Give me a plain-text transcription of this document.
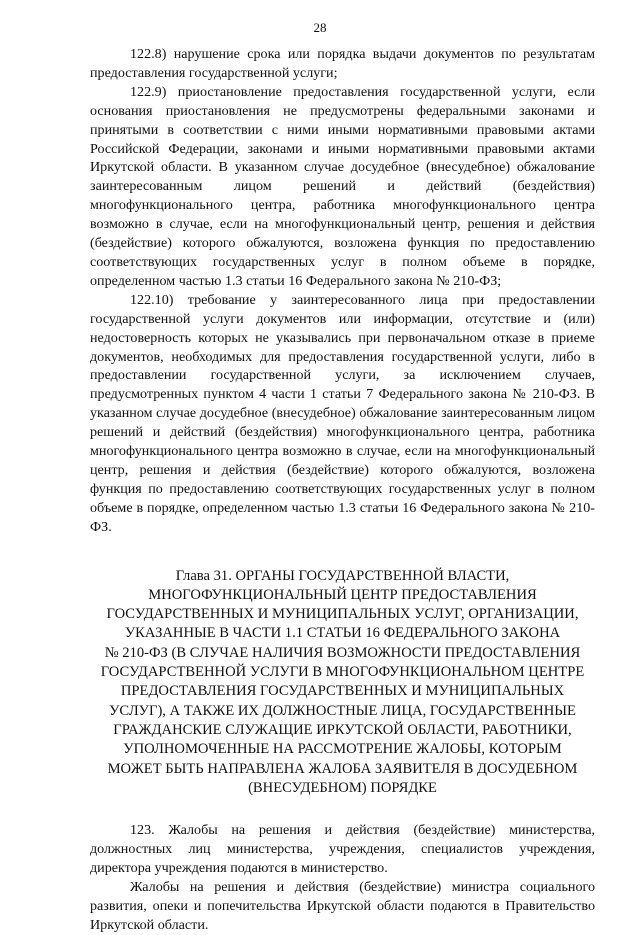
28

122.8) нарушение срока или порядка выдачи документов по результатам предоставления государственной услуги;

122.9) приостановление предоставления государственной услуги, если основания приостановления не предусмотрены федеральными законами и принятыми в соответствии с ними иными нормативными правовыми актами Российской Федерации, законами и иными нормативными правовыми актами Иркутской области. В указанном случае досудебное (внесудебное) обжалование заинтересованным лицом решений и действий (бездействия) многофункционального центра, работника многофункционального центра возможно в случае, если на многофункциональный центр, решения и действия (бездействие) которого обжалуются, возложена функция по предоставлению соответствующих государственных услуг в полном объеме в порядке, определенном частью 1.3 статьи 16 Федерального закона № 210-ФЗ;

122.10) требование у заинтересованного лица при предоставлении государственной услуги документов или информации, отсутствие и (или) недостоверность которых не указывались при первоначальном отказе в приеме документов, необходимых для предоставления государственной услуги, либо в предоставлении государственной услуги, за исключением случаев, предусмотренных пунктом 4 части 1 статьи 7 Федерального закона № 210-ФЗ. В указанном случае досудебное (внесудебное) обжалование заинтересованным лицом решений и действий (бездействия) многофункционального центра, работника многофункционального центра возможно в случае, если на многофункциональный центр, решения и действия (бездействие) которого обжалуются, возложена функция по предоставлению соответствующих государственных услуг в полном объеме в порядке, определенном частью 1.3 статьи 16 Федерального закона № 210-ФЗ.

Глава 31. ОРГАНЫ ГОСУДАРСТВЕННОЙ ВЛАСТИ,
МНОГОФУНКЦИОНАЛЬНЫЙ ЦЕНТР ПРЕДОСТАВЛЕНИЯ
ГОСУДАРСТВЕННЫХ И МУНИЦИПАЛЬНЫХ УСЛУГ, ОРГАНИЗАЦИИ,
УКАЗАННЫЕ В ЧАСТИ 1.1 СТАТЬИ 16 ФЕДЕРАЛЬНОГО ЗАКОНА
№ 210-ФЗ (В СЛУЧАЕ НАЛИЧИЯ ВОЗМОЖНОСТИ ПРЕДОСТАВЛЕНИЯ
ГОСУДАРСТВЕННОЙ УСЛУГИ В МНОГОФУНКЦИОНАЛЬНОМ ЦЕНТРЕ
ПРЕДОСТАВЛЕНИЯ ГОСУДАРСТВЕННЫХ И МУНИЦИПАЛЬНЫХ
УСЛУГ), А ТАКЖЕ ИХ ДОЛЖНОСТНЫЕ ЛИЦА, ГОСУДАРСТВЕННЫЕ
ГРАЖДАНСКИЕ СЛУЖАЩИЕ ИРКУТСКОЙ ОБЛАСТИ, РАБОТНИКИ,
УПОЛНОМОЧЕННЫЕ НА РАССМОТРЕНИЕ ЖАЛОБЫ, КОТОРЫМ
МОЖЕТ БЫТЬ НАПРАВЛЕНА ЖАЛОБА ЗАЯВИТЕЛЯ В ДОСУДЕБНОМ
(ВНЕСУДЕБНОМ) ПОРЯДКЕ

123. Жалобы на решения и действия (бездействие) министерства, должностных лиц министерства, учреждения, специалистов учреждения, директора учреждения подаются в министерство.

Жалобы на решения и действия (бездействие) министра социального развития, опеки и попечительства Иркутской области подаются в Правительство Иркутской области.
